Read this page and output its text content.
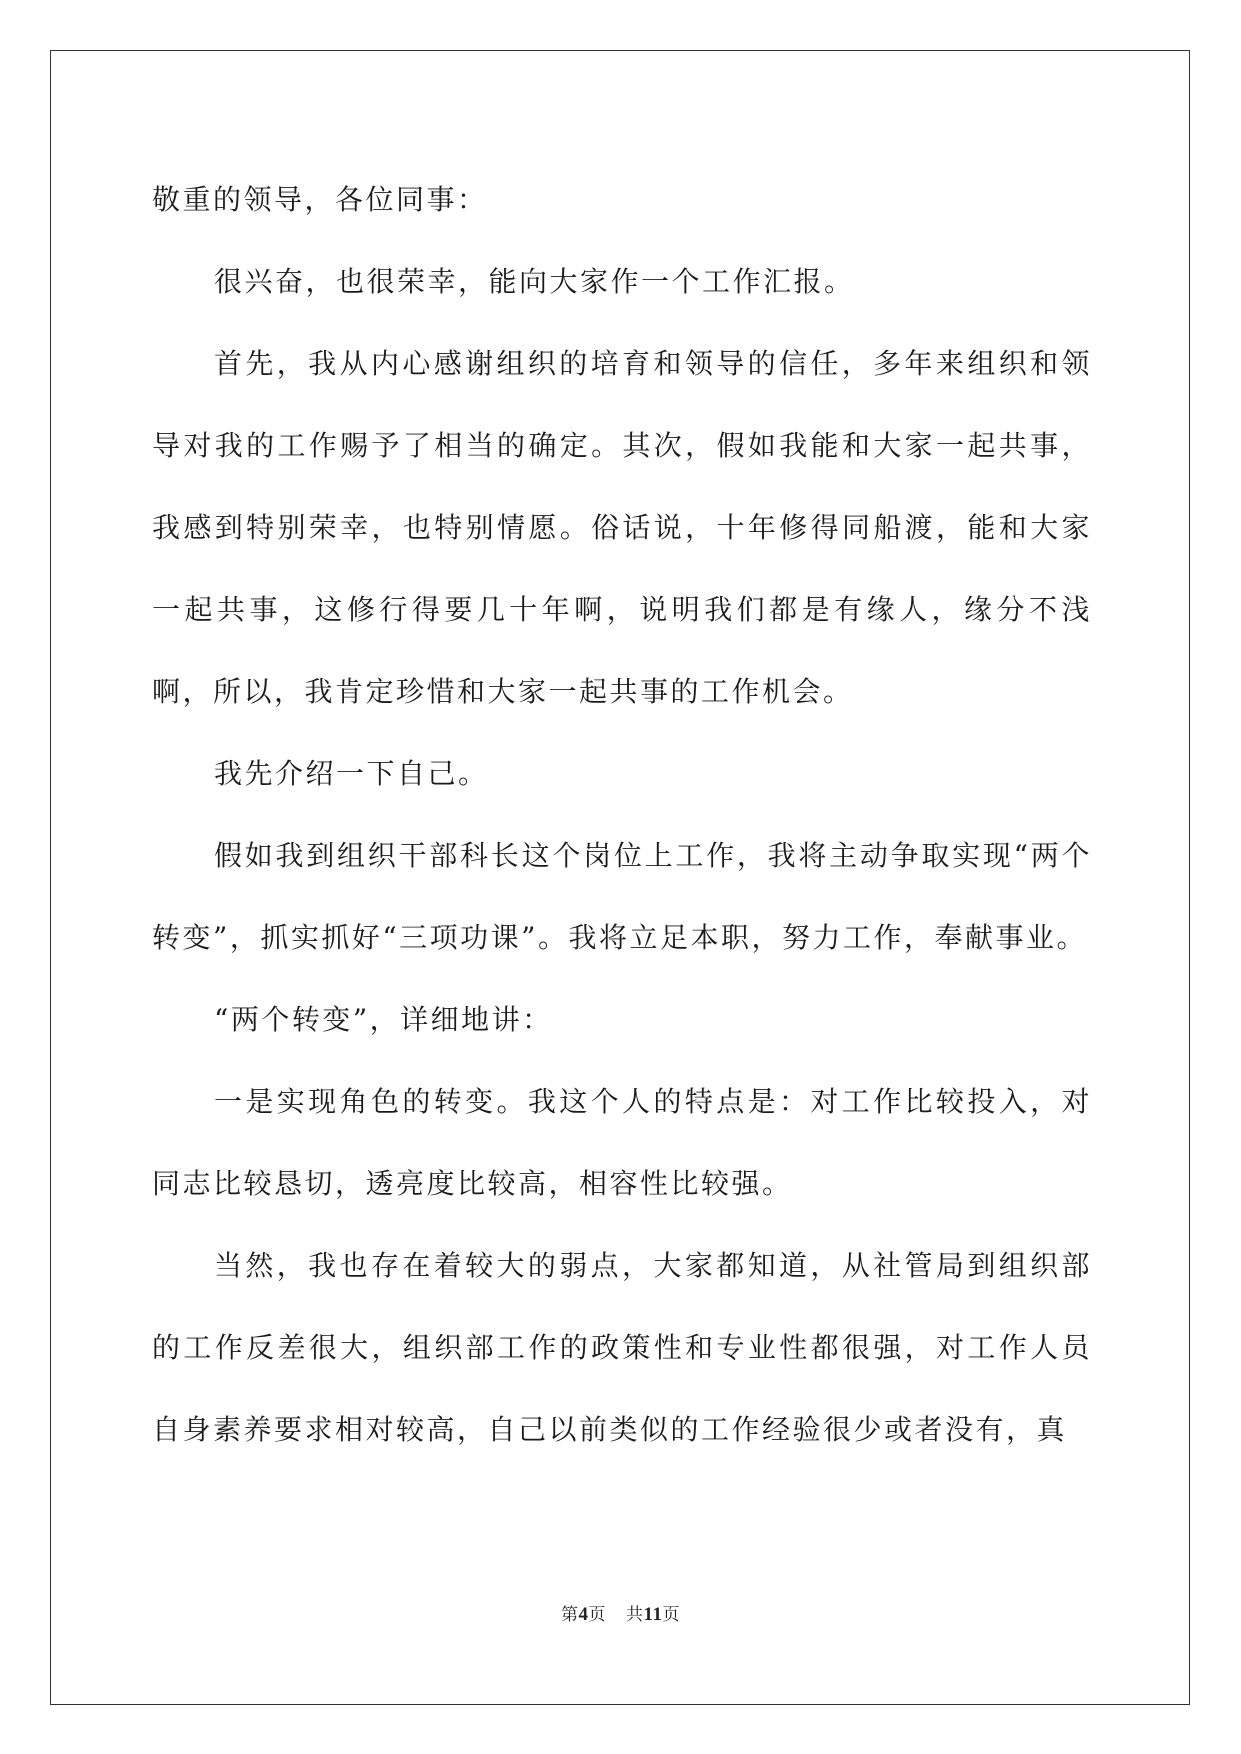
敬重的领导，各位同事：

很兴奋，也很荣幸，能向大家作一个工作汇报。

首先，我从内心感谢组织的培育和领导的信任，多年来组织和领导对我的工作赐予了相当的确定。其次，假如我能和大家一起共事，我感到特别荣幸，也特别情愿。俗话说，十年修得同船渡，能和大家一起共事，这修行得要几十年啊，说明我们都是有缘人，缘分不浅啊，所以，我肯定珍惜和大家一起共事的工作机会。

我先介绍一下自己。

假如我到组织干部科长这个岗位上工作，我将主动争取实现“两个转变”，抓实抓好“三项功课”。我将立足本职，努力工作，奉献事业。

“两个转变”，详细地讲：

一是实现角色的转变。我这个人的特点是：对工作比较投入，对同志比较恳切，透亮度比较高，相容性比较强。

当然，我也存在着较大的弱点，大家都知道，从社管局到组织部的工作反差很大，组织部工作的政策性和专业性都很强，对工作人员自身素养要求相对较高，自己以前类似的工作经验很少或者没有，真

第4页 共11页
